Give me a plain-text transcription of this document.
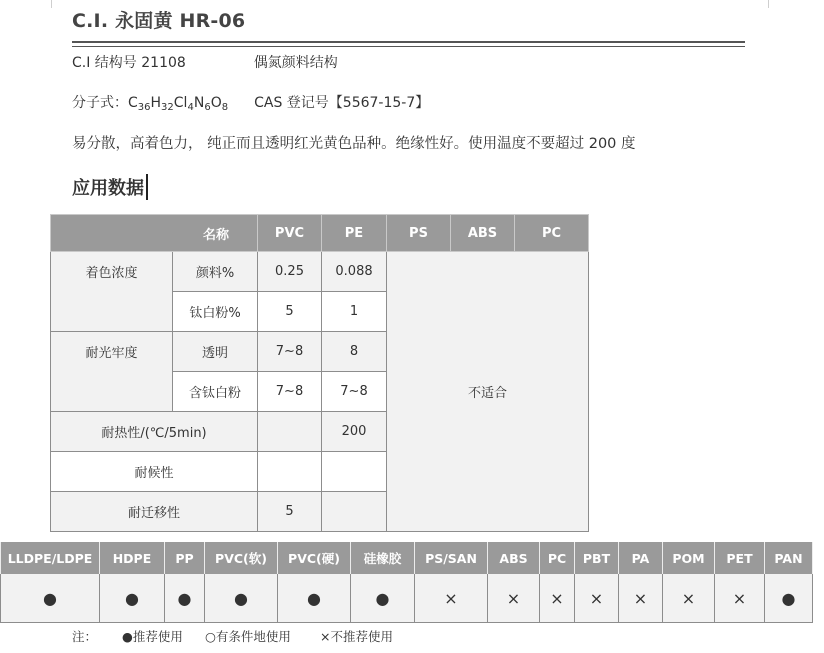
C.I. 永固黄 HR-06
C.I 结构号 21108	偶氮颜料结构
分子式：$C_{36}H_{32}Cl_4N_6O_8$ CAS 登记号【5567-15-7】
易分散，高着色力， 纯正而且透明红光黄色品种。绝缘性好。使用温度不要超过 200 度
应用数据
名称		PVC	PE	PS	ABS	PC
着色浓度	颜料%	0.25	0.088	不适合		
	钛白粉%	5	1			
耐光牢度	透明	7~8	8			
	含钛白粉	7~8	7~8			
耐热性/(℃/5min)			200			
耐候性						
耐迁移性		5				
LLDPE/LDPE	HDPE	PP	PVC(软)	PVC(硬)	硅橡胶	PS/SAN	ABS	PC	PBT	PA	POM	PET	PAN
●	●	●	●	●	●	×	×	×	×	×	×	×	●
注： ●推荐使用 ○有条件地使用 ×不推荐使用
